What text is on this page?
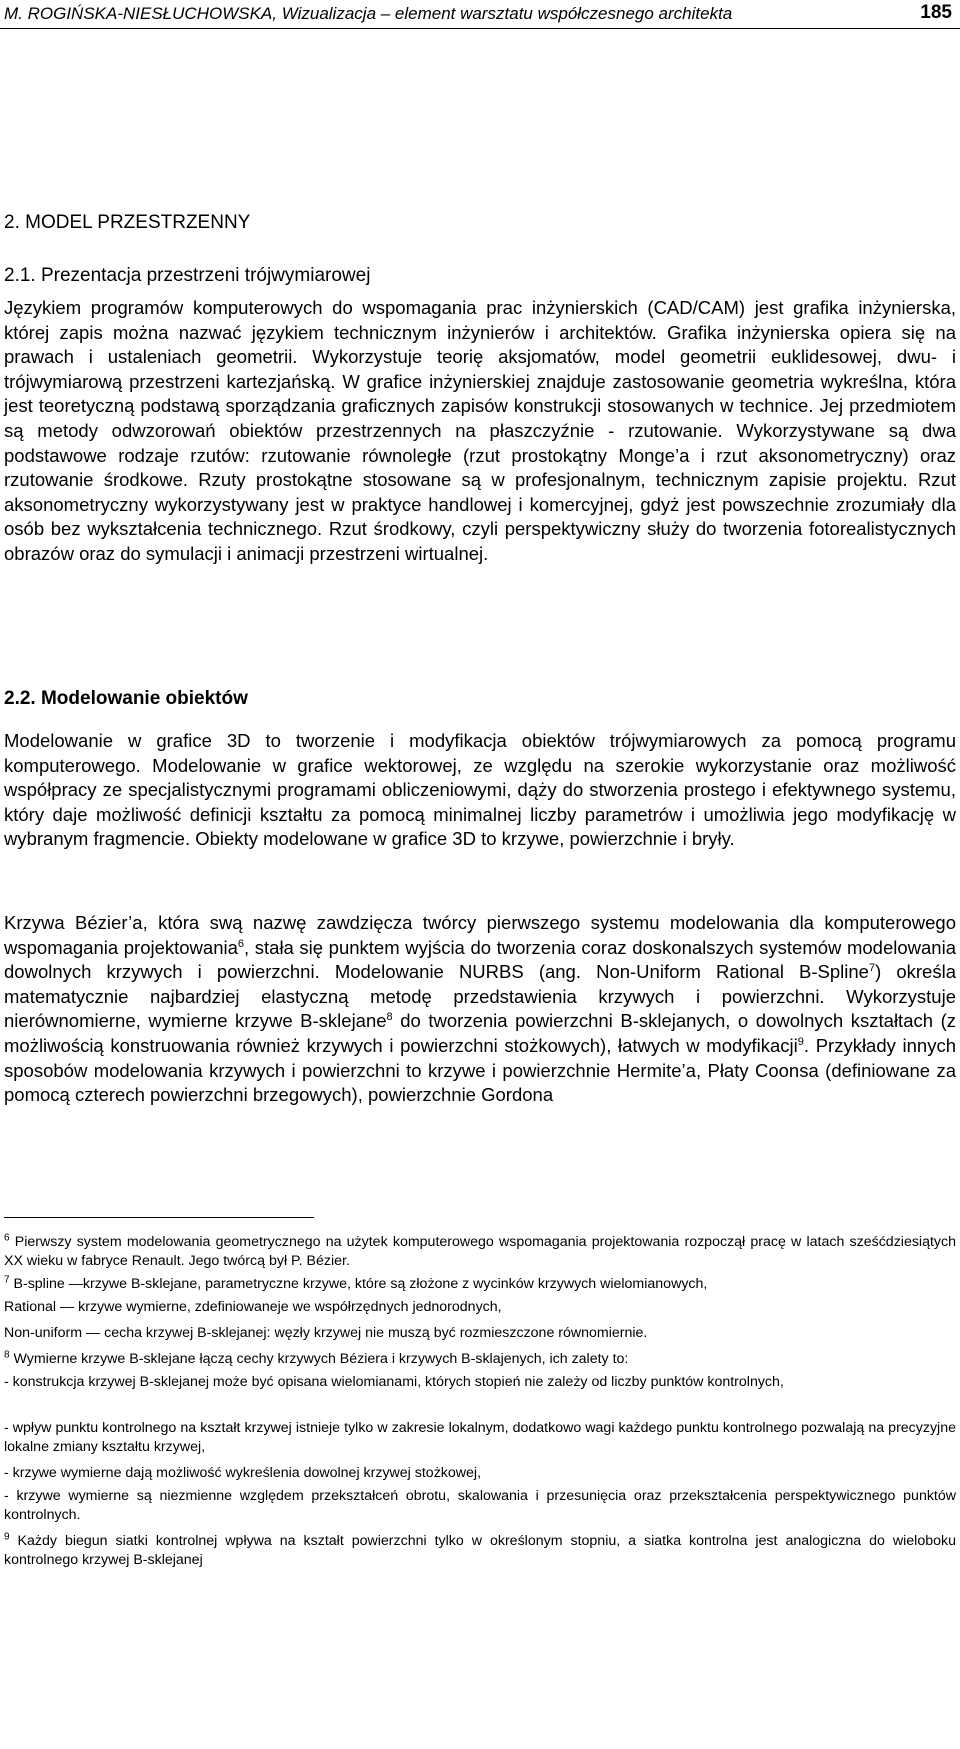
M. ROGIŃSKA-NIESŁUCHOWSKA, Wizualizacja – element warsztatu współczesnego architekta	185
2. MODEL PRZESTRZENNY
2.1. Prezentacja przestrzeni trójwymiarowej

Językiem programów komputerowych do wspomagania prac inżynierskich (CAD/CAM) jest grafika inżynierska, której zapis można nazwać językiem technicznym inżynierów i architektów. Grafika inżynierska opiera się na prawach i ustaleniach geometrii. Wykorzystuje teorię aksjomatów, model geometrii euklidesowej, dwu- i trójwymiarową przestrzeni kartezjańską. W grafice inżynierskiej znajduje zastosowanie geometria wykreślna, która jest teoretyczną podstawą sporządzania graficznych zapisów konstrukcji stosowanych w technice. Jej przedmiotem są metody odwzorowań obiektów przestrzennych na płaszczyźnie - rzutowanie. Wykorzystywane są dwa podstawowe rodzaje rzutów: rzutowanie równoległe (rzut prostokątny Monge’a i rzut aksonometryczny) oraz rzutowanie środkowe. Rzuty prostokątne stosowane są w profesjonalnym, technicznym zapisie projektu. Rzut aksonometryczny wykorzystywany jest w praktyce handlowej i komercyjnej, gdyż jest powszechnie zrozumiały dla osób bez wykształcenia technicznego. Rzut środkowy, czyli perspektywiczny służy do tworzenia fotorealistycznych obrazów oraz do symulacji i animacji przestrzeni wirtualnej.

2.2. Modelowanie obiektów

Modelowanie w grafice 3D to tworzenie i modyfikacja obiektów trójwymiarowych za pomocą programu komputerowego. Modelowanie w grafice wektorowej, ze względu na szerokie wykorzystanie oraz możliwość współpracy ze specjalistycznymi programami obliczeniowymi, dąży do stworzenia prostego i efektywnego systemu, który daje możliwość definicji kształtu za pomocą minimalnej liczby parametrów i umożliwia jego modyfikację w wybranym fragmencie. Obiekty modelowane w grafice 3D to krzywe, powierzchnie i bryły.

Krzywa Bézier’a, która swą nazwę zawdzięcza twórcy pierwszego systemu modelowania dla komputerowego wspomagania projektowania$^6$, stała się punktem wyjścia do tworzenia coraz doskonalszych systemów modelowania dowolnych krzywych i powierzchni. Modelowanie NURBS (ang. Non-Uniform Rational B-Spline$^7$) określa matematycznie najbardziej elastyczną metodę przedstawienia krzywych i powierzchni. Wykorzystuje nierównomierne, wymierne krzywe B-sklejane$^8$ do tworzenia powierzchni B-sklejanych, o dowolnych kształtach (z możliwością konstruowania również krzywych i powierzchni stożkowych), łatwych w modyfikacji$^9$. Przykłady innych sposobów modelowania krzywych i powierzchni to krzywe i powierzchnie Hermite’a, Płaty Coonsa (definiowane za pomocą czterech powierzchni brzegowych), powierzchnie Gordona

$^6$ Pierwszy system modelowania geometrycznego na użytek komputerowego wspomagania projektowania rozpoczął pracę w latach sześćdziesiątych XX wieku w fabryce Renault. Jego twórcą był P. Bézier.

$^7$ B-spline —krzywe B-sklejane, parametryczne krzywe, które są złożone z wycinków krzywych wielomianowych,

Rational — krzywe wymierne, zdefiniowaneje we współrzędnych jednorodnych,

Non-uniform — cecha krzywej B-sklejanej: węzły krzywej nie muszą być rozmieszczone równomiernie.

$^8$ Wymierne krzywe B-sklejane łączą cechy krzywych Béziera i krzywych B-sklajenych, ich zalety to:

- konstrukcja krzywej B-sklejanej może być opisana wielomianami, których stopień nie zależy od liczby punktów kontrolnych,

- wpływ punktu kontrolnego na kształt krzywej istnieje tylko w zakresie lokalnym, dodatkowo wagi każdego punktu kontrolnego pozwalają na precyzyjne lokalne zmiany kształtu krzywej,

- krzywe wymierne dają możliwość wykreślenia dowolnej krzywej stożkowej,

- krzywe wymierne są niezmienne względem przekształceń obrotu, skalowania i przesunięcia oraz przekształcenia perspektywicznego punktów kontrolnych.

$^9$ Każdy biegun siatki kontrolnej wpływa na kształt powierzchni tylko w określonym stopniu, a siatka kontrolna jest analogiczna do wieloboku kontrolnego krzywej B-sklejanej
